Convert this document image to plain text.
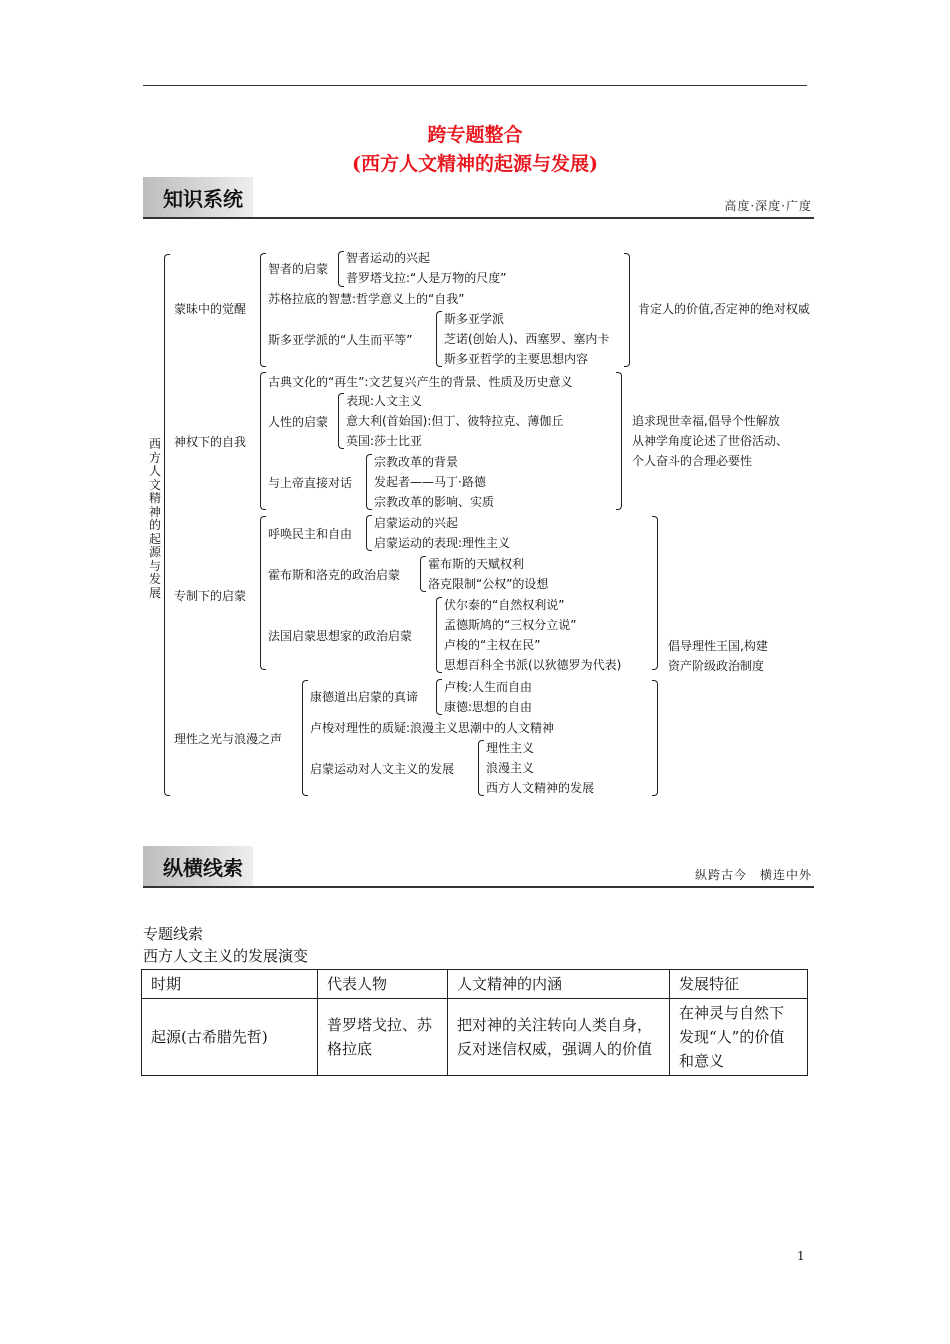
跨专题整合
(西方人文精神的起源与发展)
知识系统	高度·深度·广度
西方人文精神的起源与发展
蒙昧中的觉醒
智者的启蒙
智者运动的兴起
普罗塔戈拉:“人是万物的尺度”
苏格拉底的智慧:哲学意义上的“自我”
斯多亚学派的“人生而平等”
斯多亚学派
芝诺(创始人)、西塞罗、塞内卡
斯多亚哲学的主要思想内容
肯定人的价值,否定神的绝对权威
神权下的自我
古典文化的“再生”:文艺复兴产生的背景、性质及历史意义
人性的启蒙
表现:人文主义
意大利(首始国):但丁、彼特拉克、薄伽丘
英国:莎士比亚
与上帝直接对话
宗教改革的背景
发起者——马丁·路德
宗教改革的影响、实质
追求现世幸福,倡导个性解放
从神学角度论述了世俗活动、
个人奋斗的合理必要性
专制下的启蒙
呼唤民主和自由
启蒙运动的兴起
启蒙运动的表现:理性主义
霍布斯和洛克的政治启蒙
霍布斯的天赋权利
洛克限制“公权”的设想
法国启蒙思想家的政治启蒙
伏尔泰的“自然权利说”
孟德斯鸠的“三权分立说”
卢梭的“主权在民”
思想百科全书派(以狄德罗为代表)
倡导理性王国,构建
资产阶级政治制度
理性之光与浪漫之声
康德道出启蒙的真谛
卢梭:人生而自由
康德:思想的自由
卢梭对理性的质疑:浪漫主义思潮中的人文精神
启蒙运动对人文主义的发展
理性主义
浪漫主义
西方人文精神的发展
纵横线索	纵跨古今　横连中外
专题线索
西方人文主义的发展演变
时期	代表人物	人文精神的内涵	发展特征
起源(古希腊先哲)	普罗塔戈拉、苏格拉底	把对神的关注转向人类自身，反对迷信权威，强调人的价值	在神灵与自然下发现“人”的价值和意义
1
